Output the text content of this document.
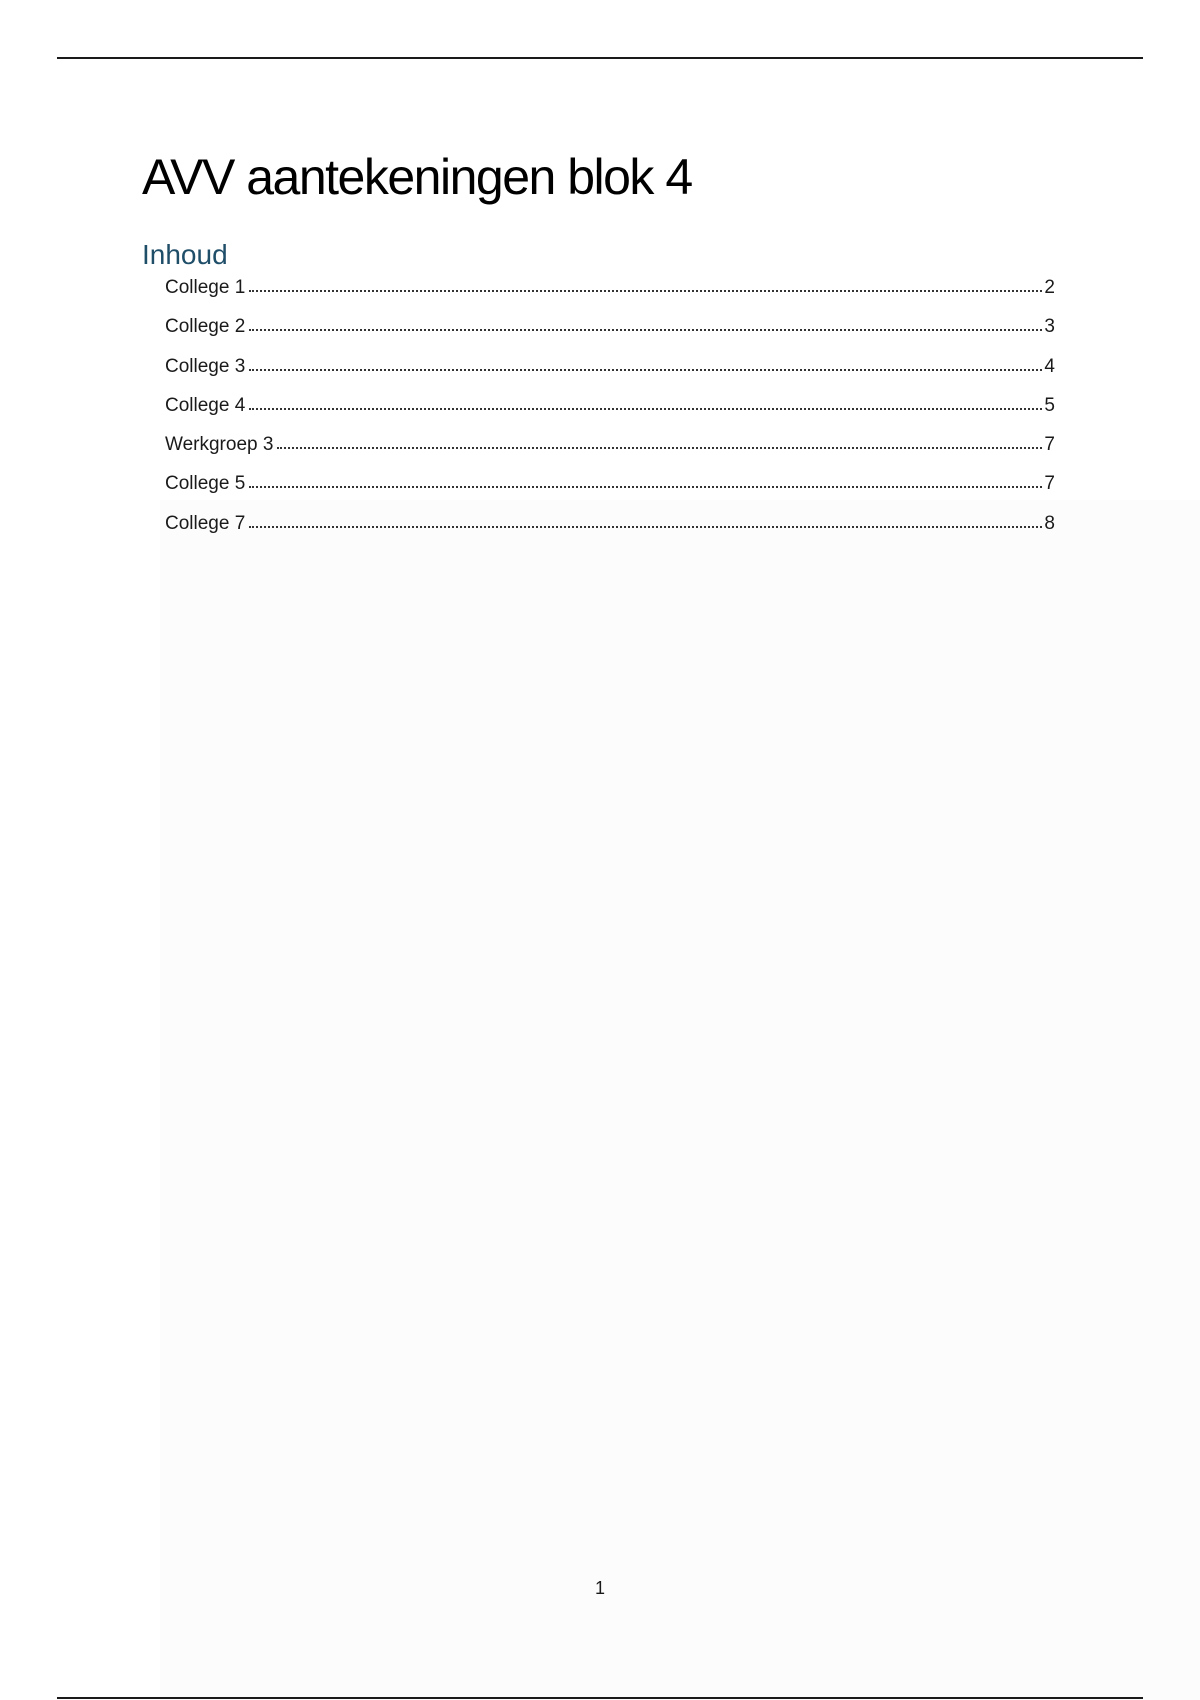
AVV aantekeningen blok 4
Inhoud
College 1	2
College 2	3
College 3	4
College 4	5
Werkgroep 3	7
College 5	7
College 7	8
1
